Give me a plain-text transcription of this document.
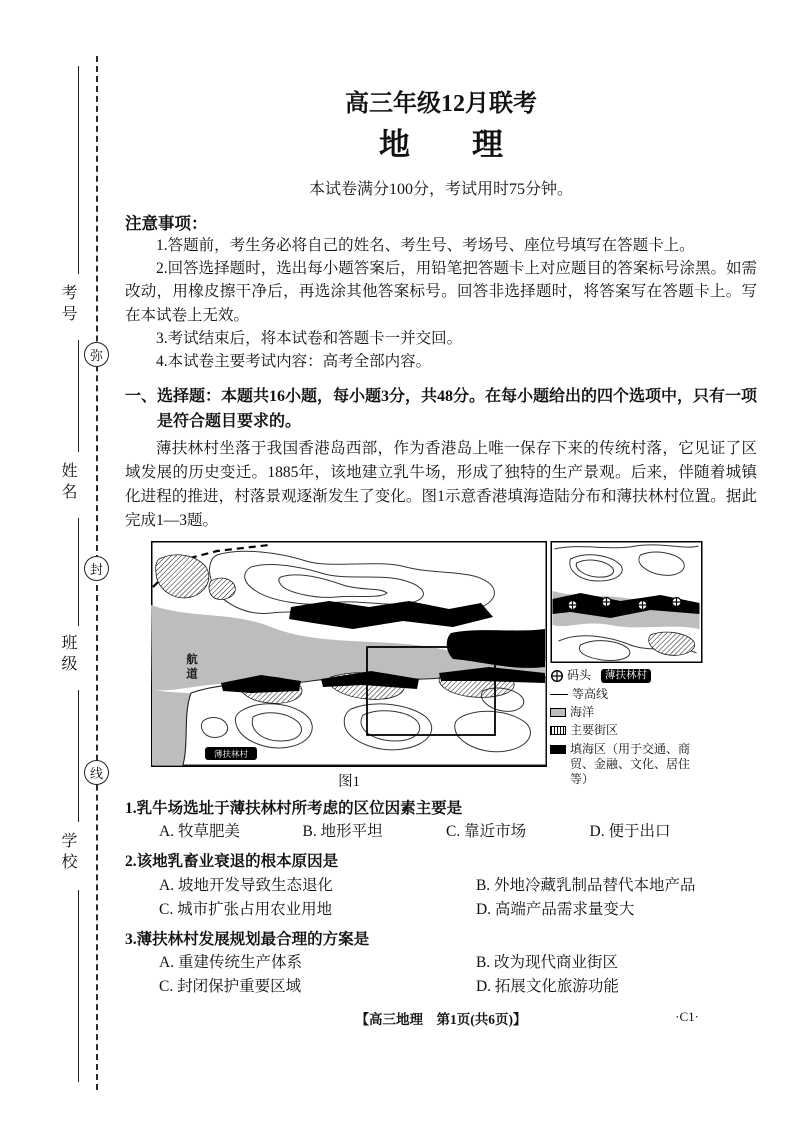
考号
姓名
班级
学校
弥
封
线
高三年级12月联考
地　　理
本试卷满分100分，考试用时75分钟。
注意事项：

1.答题前，考生务必将自己的姓名、考生号、考场号、座位号填写在答题卡上。

2.回答选择题时，选出每小题答案后，用铅笔把答题卡上对应题目的答案标号涂黑。如需改动，用橡皮擦干净后，再选涂其他答案标号。回答非选择题时，将答案写在答题卡上。写在本试卷上无效。

3.考试结束后，将本试卷和答题卡一并交回。

4.本试卷主要考试内容：高考全部内容。

一、选择题：本题共16小题，每小题3分，共48分。在每小题给出的四个选项中，只有一项是符合题目要求的。

薄扶林村坐落于我国香港岛西部，作为香港岛上唯一保存下来的传统村落，它见证了区域发展的历史变迁。1885年，该地建立乳牛场，形成了独特的生产景观。后来，伴随着城镇化进程的推进，村落景观逐渐发生了变化。图1示意香港填海造陆分布和薄扶林村位置。据此完成1—3题。

航道
薄扶林村
图1
码头	薄扶林村
等高线
海洋
主要街区
填海区（用于交通、商贸、金融、文化、居住等）

1.乳牛场选址于薄扶林村所考虑的区位因素主要是

A. 牧草肥美	B. 地形平坦	C. 靠近市场	D. 便于出口

2.该地乳畜业衰退的根本原因是

A. 坡地开发导致生态退化	B. 外地冷藏乳制品替代本地产品
C. 城市扩张占用农业用地	D. 高端产品需求量变大

3.薄扶林村发展规划最合理的方案是

A. 重建传统生产体系	B. 改为现代商业街区
C. 封闭保护重要区域	D. 拓展文化旅游功能
【高三地理　第1页(共6页)】	·C1·
